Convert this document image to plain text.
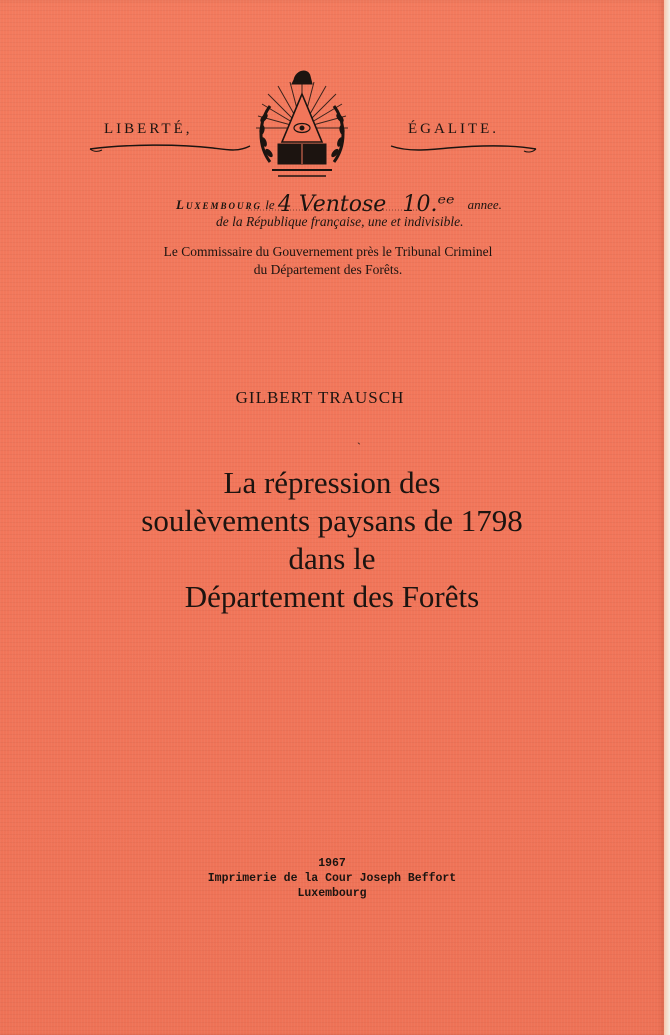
LIBERTÉ,	ÉGALITE.
Luxembourg le 4 Ventose 10.ᵉᵉ annee.
de la République française, une et indivisible.
Le Commissaire du Gouvernement près le Tribunal Criminel
du Département des Forêts.
GILBERT TRAUSCH
`
La répression des
soulèvements paysans de 1798
dans le
Département des Forêts
1967
Imprimerie de la Cour Joseph Beffort
Luxembourg
